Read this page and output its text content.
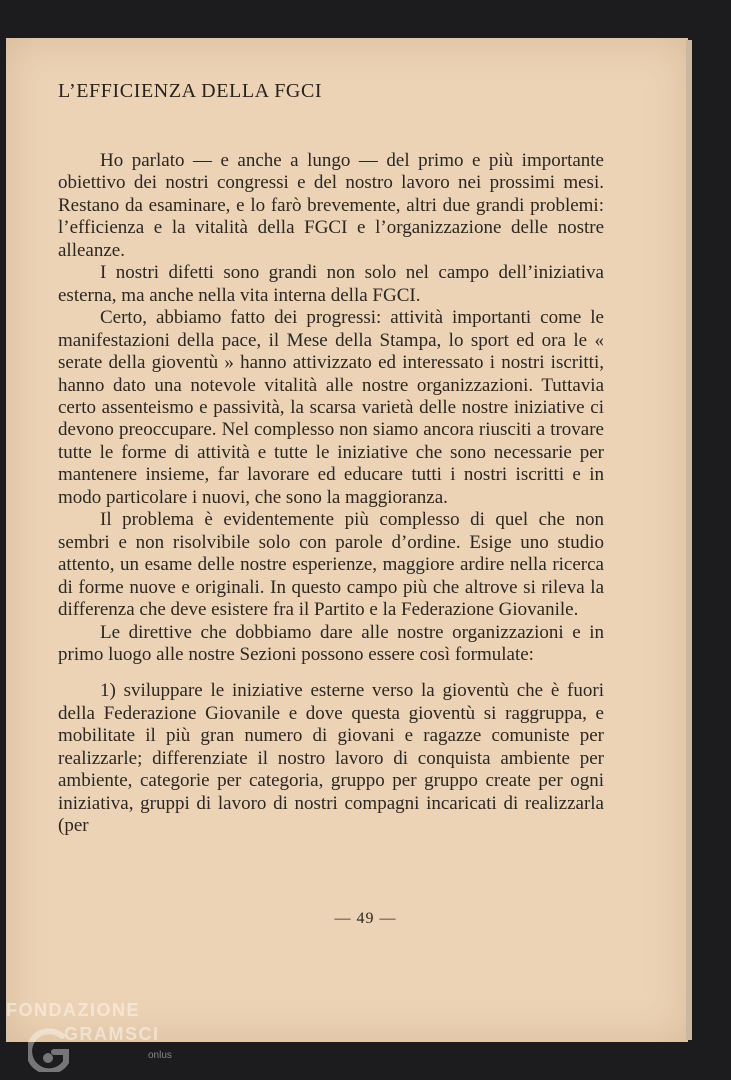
L’EFFICIENZA DELLA FGCI

Ho parlato — e anche a lungo — del primo e più importante obiettivo dei nostri congressi e del nostro lavoro nei prossimi mesi. Restano da esaminare, e lo farò brevemente, altri due grandi problemi: l’efficienza e la vitalità della FGCI e l’organizzazione delle nostre alleanze.

I nostri difetti sono grandi non solo nel campo dell’iniziativa esterna, ma anche nella vita interna della FGCI.

Certo, abbiamo fatto dei progressi: attività importanti come le manifestazioni della pace, il Mese della Stampa, lo sport ed ora le « serate della gioventù » hanno attivizzato ed interessato i nostri iscritti, hanno dato una notevole vitalità alle nostre organizzazioni. Tuttavia certo assenteismo e passività, la scarsa varietà delle nostre iniziative ci devono preoccupare. Nel complesso non siamo ancora riusciti a trovare tutte le forme di attività e tutte le iniziative che sono necessarie per mantenere insieme, far lavorare ed educare tutti i nostri iscritti e in modo particolare i nuovi, che sono la maggioranza.

Il problema è evidentemente più complesso di quel che non sembri e non risolvibile solo con parole d’ordine. Esige uno studio attento, un esame delle nostre esperienze, maggiore ardire nella ricerca di forme nuove e originali. In questo campo più che altrove si rileva la differenza che deve esistere fra il Partito e la Federazione Giovanile.

Le direttive che dobbiamo dare alle nostre organizzazioni e in primo luogo alle nostre Sezioni possono essere così formulate:

1) sviluppare le iniziative esterne verso la gioventù che è fuori della Federazione Giovanile e dove questa gioventù si raggruppa, e mobilitate il più gran numero di giovani e ragazze comuniste per realizzarle; differenziate il nostro lavoro di conquista ambiente per ambiente, categorie per categoria, gruppo per gruppo create per ogni iniziativa, gruppi di lavoro di nostri compagni incaricati di realizzarla (per

— 49 —
FONDAZIONE
GRAMSCI
onlus
